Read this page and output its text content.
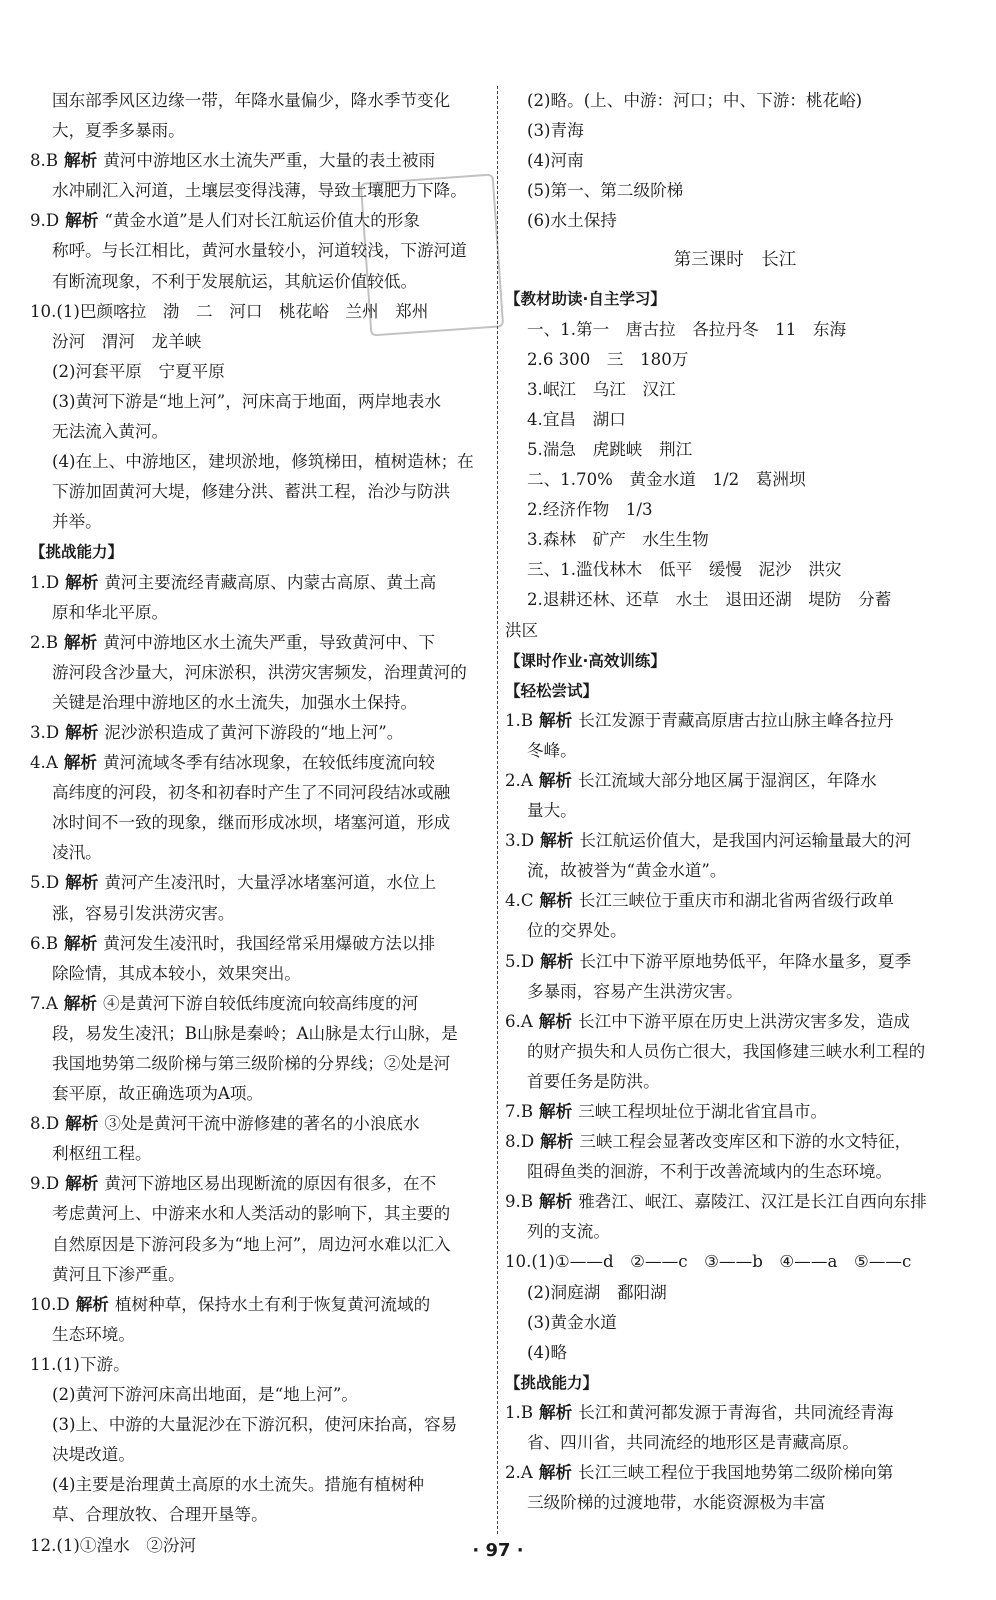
国东部季风区边缘一带，年降水量偏少，降水季节变化
大，夏季多暴雨。
8.B 解析 黄河中游地区水土流失严重，大量的表土被雨
水冲刷汇入河道，土壤层变得浅薄，导致土壤肥力下降。
9.D 解析 “黄金水道”是人们对长江航运价值大的形象
称呼。与长江相比，黄河水量较小，河道较浅，下游河道
有断流现象，不利于发展航运，其航运价值较低。
10.(1)巴颜喀拉　渤　二　河口　桃花峪　兰州　郑州
汾河　渭河　龙羊峡
(2)河套平原　宁夏平原
(3)黄河下游是“地上河”，河床高于地面，两岸地表水
无法流入黄河。
(4)在上、中游地区，建坝淤地，修筑梯田，植树造林；在
下游加固黄河大堤，修建分洪、蓄洪工程，治沙与防洪
并举。
【挑战能力】
1.D 解析 黄河主要流经青藏高原、内蒙古高原、黄土高
原和华北平原。
2.B 解析 黄河中游地区水土流失严重，导致黄河中、下
游河段含沙量大，河床淤积，洪涝灾害频发，治理黄河的
关键是治理中游地区的水土流失，加强水土保持。
3.D 解析 泥沙淤积造成了黄河下游段的“地上河”。
4.A 解析 黄河流域冬季有结冰现象，在较低纬度流向较
高纬度的河段，初冬和初春时产生了不同河段结冰或融
冰时间不一致的现象，继而形成冰坝，堵塞河道，形成
凌汛。
5.D 解析 黄河产生凌汛时，大量浮冰堵塞河道，水位上
涨，容易引发洪涝灾害。
6.B 解析 黄河发生凌汛时，我国经常采用爆破方法以排
除险情，其成本较小，效果突出。
7.A 解析 ④是黄河下游自较低纬度流向较高纬度的河
段，易发生凌汛；B山脉是秦岭；A山脉是太行山脉，是
我国地势第二级阶梯与第三级阶梯的分界线；②处是河
套平原，故正确选项为A项。
8.D 解析 ③处是黄河干流中游修建的著名的小浪底水
利枢纽工程。
9.D 解析 黄河下游地区易出现断流的原因有很多，在不
考虑黄河上、中游来水和人类活动的影响下，其主要的
自然原因是下游河段多为“地上河”，周边河水难以汇入
黄河且下渗严重。
10.D 解析 植树种草，保持水土有利于恢复黄河流域的
生态环境。
11.(1)下游。
(2)黄河下游河床高出地面，是“地上河”。
(3)上、中游的大量泥沙在下游沉积，使河床抬高，容易
决堤改道。
(4)主要是治理黄土高原的水土流失。措施有植树种
草、合理放牧、合理开垦等。
12.(1)①湟水　②汾河
(2)略。(上、中游：河口；中、下游：桃花峪)
(3)青海
(4)河南
(5)第一、第二级阶梯
(6)水土保持
第三课时　长江
【教材助读·自主学习】
一、1.第一　唐古拉　各拉丹冬　11　东海
2.6 300　三　180万
3.岷江　乌江　汉江
4.宜昌　湖口
5.湍急　虎跳峡　荆江
二、1.70%　黄金水道　1/2　葛洲坝
2.经济作物　1/3
3.森林　矿产　水生生物
三、1.滥伐林木　低平　缓慢　泥沙　洪灾
2.退耕还林、还草　水土　退田还湖　堤防　分蓄
洪区
【课时作业·高效训练】
【轻松尝试】
1.B 解析 长江发源于青藏高原唐古拉山脉主峰各拉丹
冬峰。
2.A 解析 长江流域大部分地区属于湿润区，年降水
量大。
3.D 解析 长江航运价值大，是我国内河运输量最大的河
流，故被誉为“黄金水道”。
4.C 解析 长江三峡位于重庆市和湖北省两省级行政单
位的交界处。
5.D 解析 长江中下游平原地势低平，年降水量多，夏季
多暴雨，容易产生洪涝灾害。
6.A 解析 长江中下游平原在历史上洪涝灾害多发，造成
的财产损失和人员伤亡很大，我国修建三峡水利工程的
首要任务是防洪。
7.B 解析 三峡工程坝址位于湖北省宜昌市。
8.D 解析 三峡工程会显著改变库区和下游的水文特征，
阻碍鱼类的洄游，不利于改善流域内的生态环境。
9.B 解析 雅砻江、岷江、嘉陵江、汉江是长江自西向东排
列的支流。
10.(1)①——d　②——c　③——b　④——a　⑤——c
(2)洞庭湖　鄱阳湖
(3)黄金水道
(4)略
【挑战能力】
1.B 解析 长江和黄河都发源于青海省，共同流经青海
省、四川省，共同流经的地形区是青藏高原。
2.A 解析 长江三峡工程位于我国地势第二级阶梯向第
三级阶梯的过渡地带，水能资源极为丰富
· 97 ·
